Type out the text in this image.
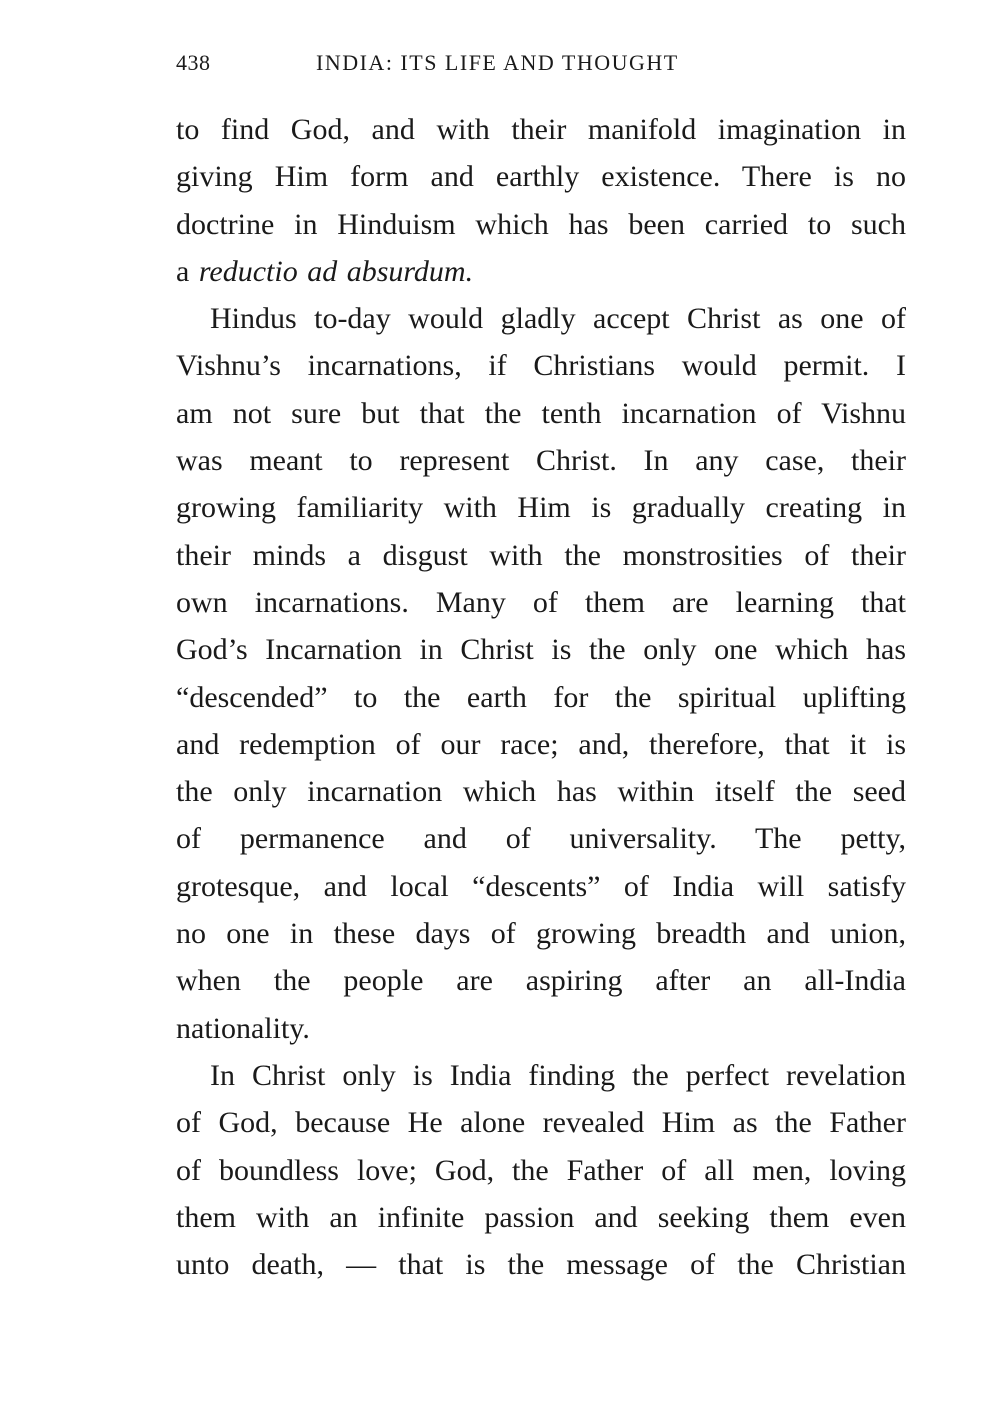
438	INDIA: ITS LIFE AND THOUGHT
to find God, and with their manifold imagination in
giving Him form and earthly existence. There is no
doctrine in Hinduism which has been carried to such
a reductio ad absurdum.
Hindus to-day would gladly accept Christ as one of
Vishnu’s incarnations, if Christians would permit. I
am not sure but that the tenth incarnation of Vishnu
was meant to represent Christ. In any case, their
growing familiarity with Him is gradually creating in
their minds a disgust with the monstrosities of their
own incarnations. Many of them are learning that
God’s Incarnation in Christ is the only one which has
“descended” to the earth for the spiritual uplifting
and redemption of our race; and, therefore, that it is
the only incarnation which has within itself the seed
of permanence and of universality. The petty,
grotesque, and local “descents” of India will satisfy
no one in these days of growing breadth and union,
when the people are aspiring after an all-India
nationality.
In Christ only is India finding the perfect revelation
of God, because He alone revealed Him as the Father
of boundless love; God, the Father of all men, loving
them with an infinite passion and seeking them even
unto death, — that is the message of the Christian
